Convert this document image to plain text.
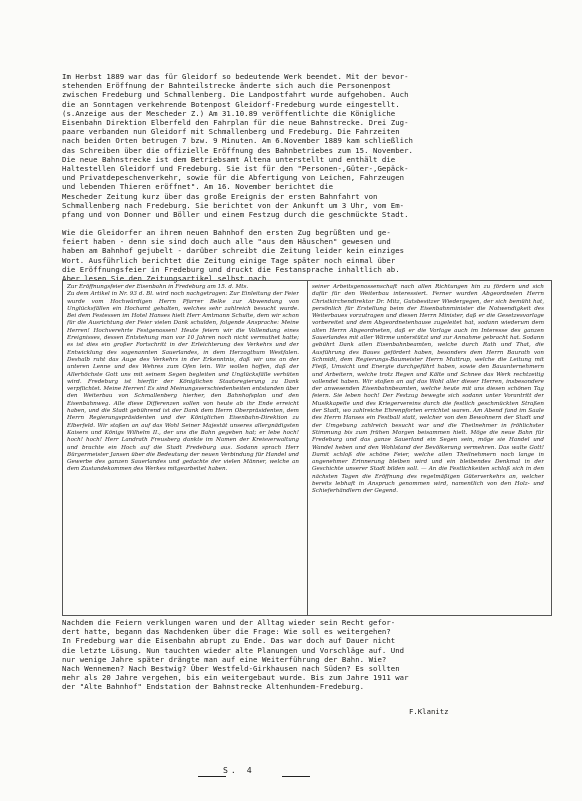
Im Herbst 1889 war das für Gleidorf so bedeutende Werk beendet. Mit der bevor-
stehenden Eröffnung der Bahnteilstrecke änderte sich auch die Personenpost
zwischen Fredeburg und Schmallenberg. Die Landpostfahrt wurde aufgehoben. Auch
die an Sonntagen verkehrende Botenpost Gleidorf-Fredeburg wurde eingestellt.
(s.Anzeige aus der Mescheder Z.) Am 31.10.89 veröffentlichte die Königliche
Eisenbahn Direktion Elberfeld den Fahrplan für die neue Bahnstrecke. Drei Zug-
paare verbanden nun Gleidorf mit Schmallenberg und Fredeburg. Die Fahrzeiten
nach beiden Orten betrugen 7 bzw. 9 Minuten. Am 6.November 1889 kam schließlich
das Schreiben über die offizielle Eröffnung des Bahnbetriebes zum 15. November.
Die neue Bahnstrecke ist dem Betriebsamt Altena unterstellt und enthält die
Haltestellen Gleidorf und Fredeburg. Sie ist für den "Personen-,Güter-,Gepäck-
und Privatdepeschenverkehr, sowie für die Abfertigung von Leichen, Fahrzeugen
und lebenden Thieren eröffnet". Am 16. November berichtet die
Mescheder Zeitung kurz über das große Ereignis der ersten Bahnfahrt von
Schmallenberg nach Fredeburg. Sie berichtet von der Ankunft um 3 Uhr, vom Em-
pfang und von Donner und Böller und einem Festzug durch die geschmückte Stadt.
Wie die Gleidorfer an ihrem neuen Bahnhof den ersten Zug begrüßten und ge-
feiert haben - denn sie sind doch auch alle "aus dem Häuschen" gewesen und
haben am Bahnhof gejubelt - darüber schreibt die Zeitung leider kein einziges
Wort. Ausführlich berichtet die Zeitung einige Tage später noch einmal über
die Eröffnungsfeier in Fredeburg und druckt die Festansprache inhaltlich ab.
Aber lesen Sie den Zeitungsartikel selbst nach.
Zur Eröffnungsfeier der Eisenbahn in Fredeburg am 15. d. Mts.
Zu dem Artikel in Nr. 93 d. Bl. wird noch nachgetragen: Zur Einleitung der Feier wurde vom Hochwürdigen Herrn Pfarrer Belke zur Abwendung von Unglücksfällen ein Hochamt gehalten, welches sehr zahlreich besucht wurde. Bei dem Festessen im Hotel Hanses hielt Herr Amtmann Schulte, dem wir schon für die Ausrichtung der Feier vielen Dank schulden, folgende Ansprache: Meine Herren! Hochverehrte Festgenossen! Heute feiern wir die Vollendung eines Ereignisses, dessen Entstehung man vor 10 Jahren noch nicht vermuthet hatte; es ist dies ein großer Fortschritt in der Erleichterung des Verkehrs und der Entwicklung des sogenannten Sauerlandes, in dem Herzogthum Westfalen. Deshalb ruht das Auge des Verkehrs in der Erkenntnis, daß wir uns an der unteren Lenne und des Wehres zum Ofen lein. Wir wollen hoffen, daß der Allerhöchste Gott uns mit seinem Segen begleiten und Unglücksfälle verhüten wird. Fredeburg ist hierfür der Königlichen Staatsregierung zu Dank verpflichtet. Meine Herren! Es sind Meinungsverschiedenheiten entstanden über den Weiterbau von Schmallenberg hierher, den Bahnhofsplan und den Eisenbahnweg. Alle diese Differenzen sollen von heute ab ihr Ende erreicht haben, und die Stadt gebührend ist der Dank dem Herrn Oberpräsidenten, dem Herrn Regierungspräsidenten und der Königlichen Eisenbahn-Direktion zu Elberfeld. Wir stoßen an auf das Wohl Seiner Majestät unseres allergnädigsten Kaisers und Königs Wilhelm II., der uns die Bahn gegeben hat; er lebe hoch! hoch! hoch! Herr Landrath Freusberg dankte im Namen der Kreisverwaltung und brachte ein Hoch auf die Stadt Fredeburg aus. Sodann sprach Herr Bürgermeister Jansen über die Bedeutung der neuen Verbindung für Handel und Gewerbe des ganzen Sauerlandes und gedachte der vielen Männer, welche an dem Zustandekommen des Werkes mitgearbeitet haben.
seiner Arbeitsgenossenschaft nach allen Richtungen hin zu fördern und sich dafür für den Weiterbau interessiert. Ferner wurden Abgeordneten Herrn Christkirchendirektor Dr. Mitz, Gutsbesitzer Wiedergegen, der sich bemüht hat, persönlich für Erstellung beim der Eisenbahnminister die Notwendigkeit des Weiterbaues vorzutragen und diesen Herrn Minister, daß er die Gesetzesvorlage vorbereitet und dem Abgeordnetenhause zugeleitet hat, sodann wiederum dem alten Herrn Abgeordneten, daß er die Vorlage auch im Interesse des ganzen Sauerlandes mit aller Wärme unterstützt und zur Annahme gebracht hat. Sodann gebührt Dank allen Eisenbahnbeamten, welche durch Rath und That, die Ausführung des Baues gefördert haben, besonders dem Herrn Baurath von Schmidt, dem Regierungs-Baumeister Herrn Muttrup, welche die Leitung mit Fleiß, Umsicht und Energie durchgeführt haben, sowie den Bauunternehmern und Arbeitern, welche trotz Regen und Kälte und Schnee das Werk rechtzeitig vollendet haben. Wir stoßen an auf das Wohl aller dieser Herren, insbesondere der anwesenden Eisenbahnbeamten, welche heute mit uns diesen schönen Tag feiern. Sie leben hoch! Der Festzug bewegte sich sodann unter Vorantritt der Musikkapelle und des Kriegervereins durch die festlich geschmückten Straßen der Stadt, wo zahlreiche Ehrenpforten errichtet waren. Am Abend fand im Saale des Herrn Hanses ein Festball statt, welcher von den Bewohnern der Stadt und der Umgebung zahlreich besucht war und die Theilnehmer in fröhlichster Stimmung bis zum frühen Morgen beisammen hielt. Möge die neue Bahn für Fredeburg und das ganze Sauerland ein Segen sein, möge sie Handel und Wandel heben und den Wohlstand der Bevölkerung vermehren. Das walte Gott! Damit schloß die schöne Feier, welche allen Theilnehmern noch lange in angenehmer Erinnerung bleiben wird und ein bleibendes Denkmal in der Geschichte unserer Stadt bilden soll. — An die Festlichkeiten schloß sich in den nächsten Tagen die Eröffnung des regelmäßigen Güterverkehrs an, welcher bereits lebhaft in Anspruch genommen wird, namentlich von den Holz- und Schieferhändlern der Gegend.
Nachdem die Feiern verklungen waren und der Alltag wieder sein Recht gefor-
dert hatte, begann das Nachdenken über die Frage: Wie soll es weitergehen?
In Fredeburg war die Eisenbahn abrupt zu Ende. Das war doch auf Dauer nicht
die letzte Lösung. Nun tauchten wieder alte Planungen und Vorschläge auf. Und
nur wenige Jahre später drängte man auf eine Weiterführung der Bahn. Wie?
Nach Wennemen? Nach Bestwig? Über Westfeld-Girkhausen nach Süden? Es sollten
mehr als 20 Jahre vergehen, bis ein weitergebaut wurde. Bis zum Jahre 1911 war
der "Alte Bahnhof" Endstation der Bahnstrecke Altenhundem-Fredeburg.
F.Klanitz
S. 4
